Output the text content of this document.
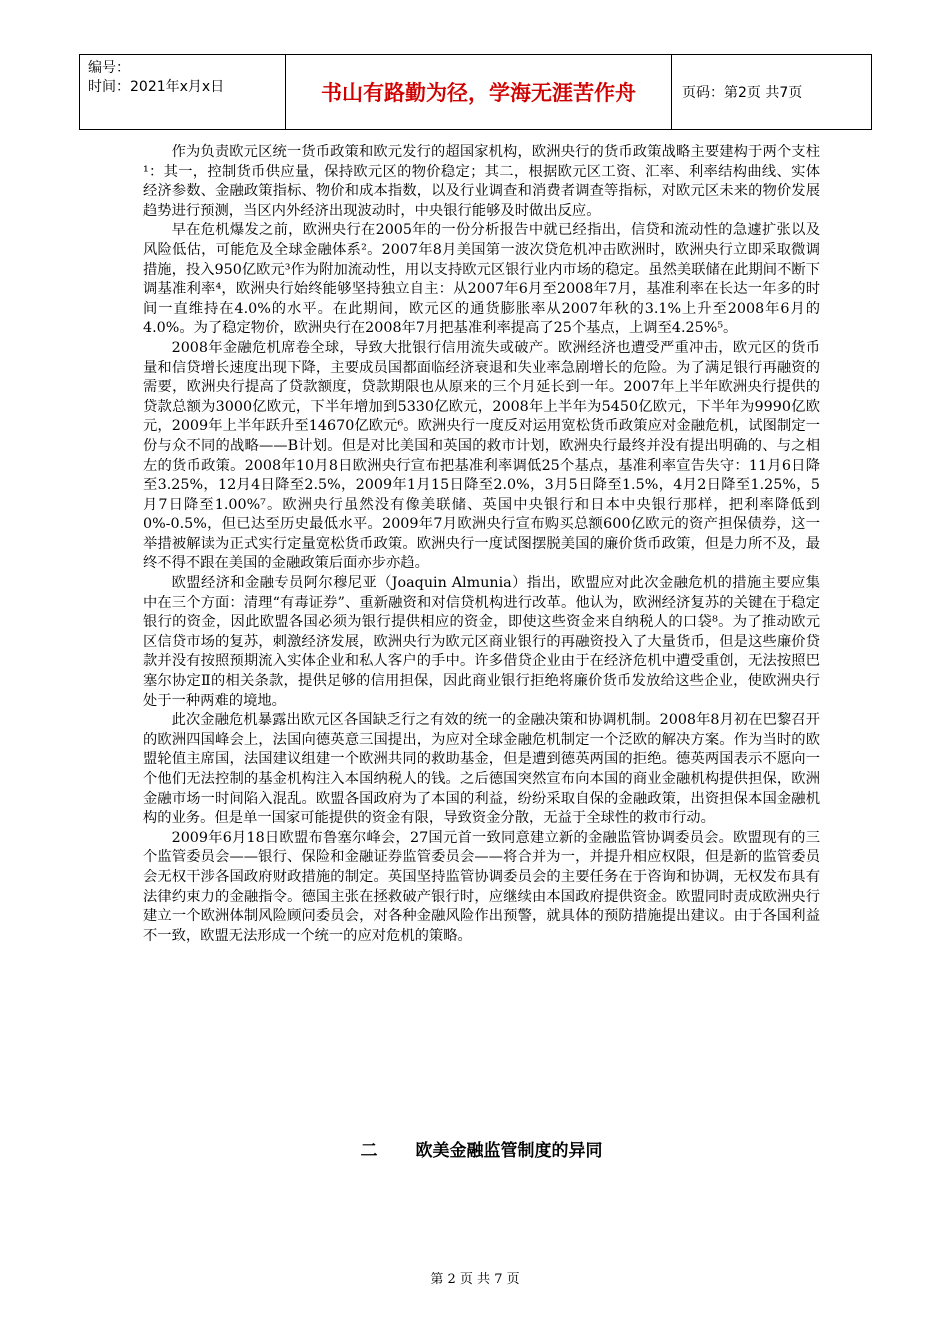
编号：
时间：2021年x月x日	书山有路勤为径，学海无涯苦作舟	页码：第2页 共7页

作为负责欧元区统一货币政策和欧元发行的超国家机构，欧洲央行的货币政策战略主要建构于两个支柱¹：其一，控制货币供应量，保持欧元区的物价稳定；其二，根据欧元区工资、汇率、利率结构曲线、实体经济参数、金融政策指标、物价和成本指数，以及行业调查和消费者调查等指标，对欧元区未来的物价发展趋势进行预测，当区内外经济出现波动时，中央银行能够及时做出反应。

早在危机爆发之前，欧洲央行在2005年的一份分析报告中就已经指出，信贷和流动性的急遽扩张以及风险低估，可能危及全球金融体系²。2007年8月美国第一波次贷危机冲击欧洲时，欧洲央行立即采取微调措施，投入950亿欧元³作为附加流动性，用以支持欧元区银行业内市场的稳定。虽然美联储在此期间不断下调基准利率⁴，欧洲央行始终能够坚持独立自主：从2007年6月至2008年7月，基准利率在长达一年多的时间一直维持在4.0%的水平。在此期间，欧元区的通货膨胀率从2007年秋的3.1%上升至2008年6月的4.0%。为了稳定物价，欧洲央行在2008年7月把基准利率提高了25个基点，上调至4.25%⁵。

2008年金融危机席卷全球，导致大批银行信用流失或破产。欧洲经济也遭受严重冲击，欧元区的货币量和信贷增长速度出现下降，主要成员国都面临经济衰退和失业率急剧增长的危险。为了满足银行再融资的需要，欧洲央行提高了贷款额度，贷款期限也从原来的三个月延长到一年。2007年上半年欧洲央行提供的贷款总额为3000亿欧元，下半年增加到5330亿欧元，2008年上半年为5450亿欧元，下半年为9990亿欧元，2009年上半年跃升至14670亿欧元⁶。欧洲央行一度反对运用宽松货币政策应对金融危机，试图制定一份与众不同的战略——B计划。但是对比美国和英国的救市计划，欧洲央行最终并没有提出明确的、与之相左的货币政策。2008年10月8日欧洲央行宣布把基准利率调低25个基点，基准利率宣告失守：11月6日降至3.25%，12月4日降至2.5%，2009年1月15日降至2.0%，3月5日降至1.5%，4月2日降至1.25%，5月7日降至1.00%⁷。欧洲央行虽然没有像美联储、英国中央银行和日本中央银行那样，把利率降低到0%-0.5%，但已达至历史最低水平。2009年7月欧洲央行宣布购买总额600亿欧元的资产担保债券，这一举措被解读为正式实行定量宽松货币政策。欧洲央行一度试图摆脱美国的廉价货币政策，但是力所不及，最终不得不跟在美国的金融政策后面亦步亦趋。

欧盟经济和金融专员阿尔穆尼亚（Joaquin Almunia）指出，欧盟应对此次金融危机的措施主要应集中在三个方面：清理“有毒证券”、重新融资和对信贷机构进行改革。他认为，欧洲经济复苏的关键在于稳定银行的资金，因此欧盟各国必须为银行提供相应的资金，即使这些资金来自纳税人的口袋⁸。为了推动欧元区信贷市场的复苏，刺激经济发展，欧洲央行为欧元区商业银行的再融资投入了大量货币，但是这些廉价贷款并没有按照预期流入实体企业和私人客户的手中。许多借贷企业由于在经济危机中遭受重创，无法按照巴塞尔协定Ⅱ的相关条款，提供足够的信用担保，因此商业银行拒绝将廉价货币发放给这些企业，使欧洲央行处于一种两难的境地。

此次金融危机暴露出欧元区各国缺乏行之有效的统一的金融决策和协调机制。2008年8月初在巴黎召开的欧洲四国峰会上，法国向德英意三国提出，为应对全球金融危机制定一个泛欧的解决方案。作为当时的欧盟轮值主席国，法国建议组建一个欧洲共同的救助基金，但是遭到德英两国的拒绝。德英两国表示不愿向一个他们无法控制的基金机构注入本国纳税人的钱。之后德国突然宣布向本国的商业金融机构提供担保，欧洲金融市场一时间陷入混乱。欧盟各国政府为了本国的利益，纷纷采取自保的金融政策，出资担保本国金融机构的业务。但是单一国家可能提供的资金有限，导致资金分散，无益于全球性的救市行动。

2009年6月18日欧盟布鲁塞尔峰会，27国元首一致同意建立新的金融监管协调委员会。欧盟现有的三个监管委员会——银行、保险和金融证券监管委员会——将合并为一，并提升相应权限，但是新的监管委员会无权干涉各国政府财政措施的制定。英国坚持监管协调委员会的主要任务在于咨询和协调，无权发布具有法律约束力的金融指令。德国主张在拯救破产银行时，应继续由本国政府提供资金。欧盟同时责成欧洲央行建立一个欧洲体制风险顾问委员会，对各种金融风险作出预警，就具体的预防措施提出建议。由于各国利益不一致，欧盟无法形成一个统一的应对危机的策略。

二 欧美金融监管制度的异同
第 2 页 共 7 页
